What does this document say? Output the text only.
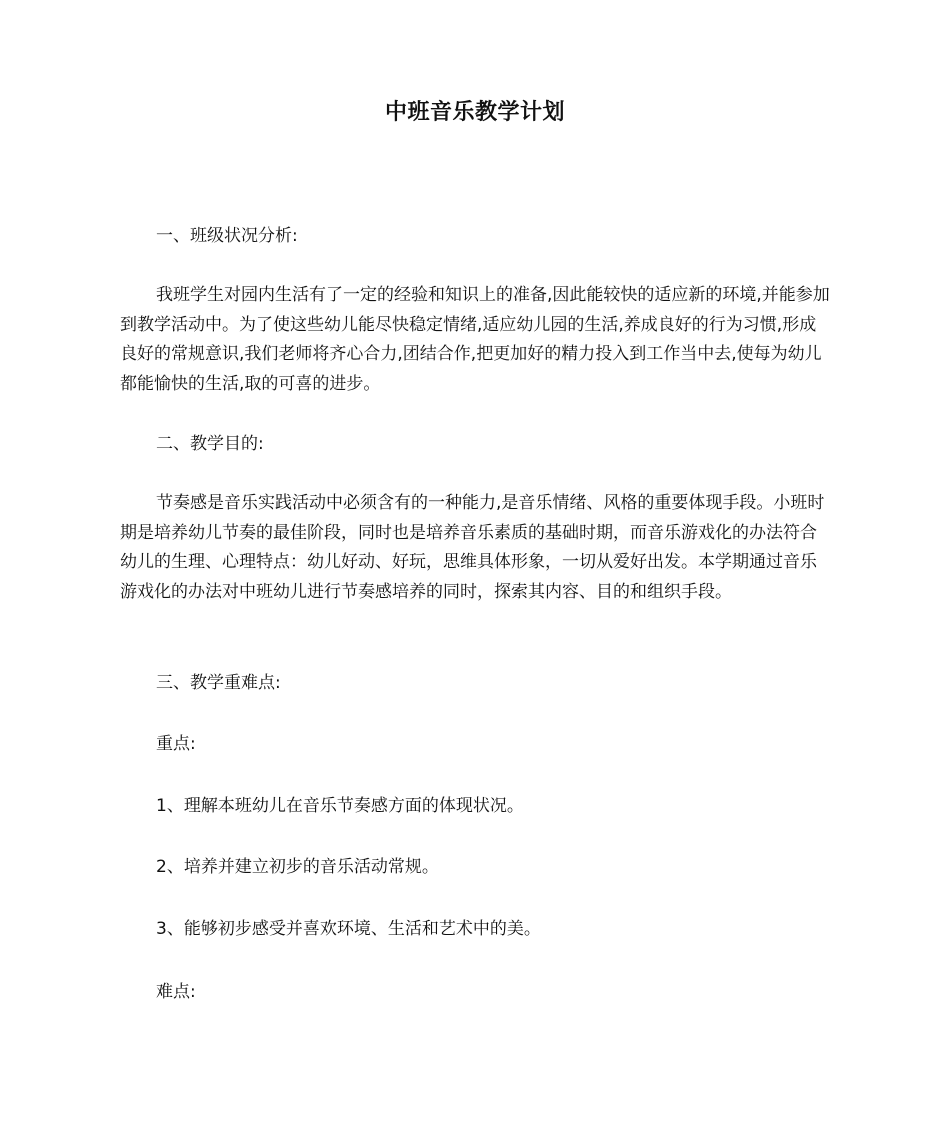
中班音乐教学计划

一、班级状况分析:

我班学生对园内生活有了一定的经验和知识上的准备,因此能较快的适应新的环境,并能参加到教学活动中。为了使这些幼儿能尽快稳定情绪,适应幼儿园的生活,养成良好的行为习惯,形成良好的常规意识,我们老师将齐心合力,团结合作,把更加好的精力投入到工作当中去,使每为幼儿都能愉快的生活,取的可喜的进步。

二、教学目的:

节奏感是音乐实践活动中必须含有的一种能力,是音乐情绪、风格的重要体现手段。小班时期是培养幼儿节奏的最佳阶段，同时也是培养音乐素质的基础时期，而音乐游戏化的办法符合幼儿的生理、心理特点：幼儿好动、好玩，思维具体形象，一切从爱好出发。本学期通过音乐游戏化的办法对中班幼儿进行节奏感培养的同时，探索其内容、目的和组织手段。

三、教学重难点:

重点:

1、理解本班幼儿在音乐节奏感方面的体现状况。

2、培养并建立初步的音乐活动常规。

3、能够初步感受并喜欢环境、生活和艺术中的美。

难点:
